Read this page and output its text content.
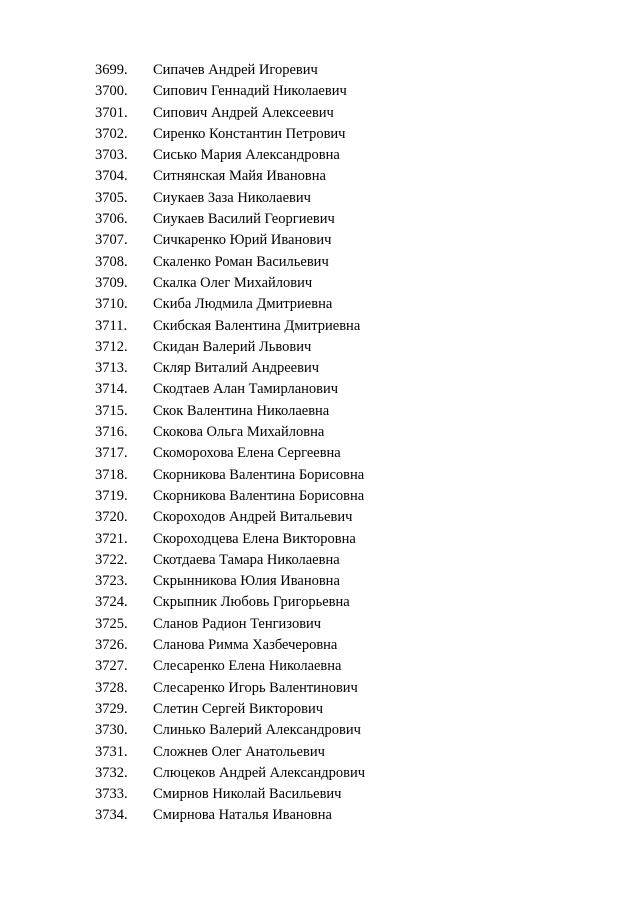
3699.	Сипачев Андрей Игоревич
3700.	Сипович Геннадий Николаевич
3701.	Сипович Андрей Алексеевич
3702.	Сиренко Константин Петрович
3703.	Сисько Мария Александровна
3704.	Ситнянская Майя Ивановна
3705.	Сиукаев Заза Николаевич
3706.	Сиукаев Василий Георгиевич
3707.	Сичкаренко Юрий Иванович
3708.	Скаленко Роман Васильевич
3709.	Скалка Олег Михайлович
3710.	Скиба Людмила Дмитриевна
3711.	Скибская Валентина Дмитриевна
3712.	Скидан Валерий Львович
3713.	Скляр Виталий Андреевич
3714.	Скодтаев Алан Тамирланович
3715.	Скок Валентина Николаевна
3716.	Скокова Ольга Михайловна
3717.	Скоморохова Елена Сергеевна
3718.	Скорникова Валентина Борисовна
3719.	Скорникова Валентина Борисовна
3720.	Скороходов Андрей Витальевич
3721.	Скороходцева Елена Викторовна
3722.	Скотдаева Тамара Николаевна
3723.	Скрынникова Юлия Ивановна
3724.	Скрыпник Любовь Григорьевна
3725.	Сланов Радион Тенгизович
3726.	Сланова Римма Хазбечеровна
3727.	Слесаренко Елена Николаевна
3728.	Слесаренко Игорь Валентинович
3729.	Слетин Сергей Викторович
3730.	Слинько Валерий Александрович
3731.	Сложнев Олег Анатольевич
3732.	Слюцеков Андрей Александрович
3733.	Смирнов Николай Васильевич
3734.	Смирнова Наталья Ивановна
